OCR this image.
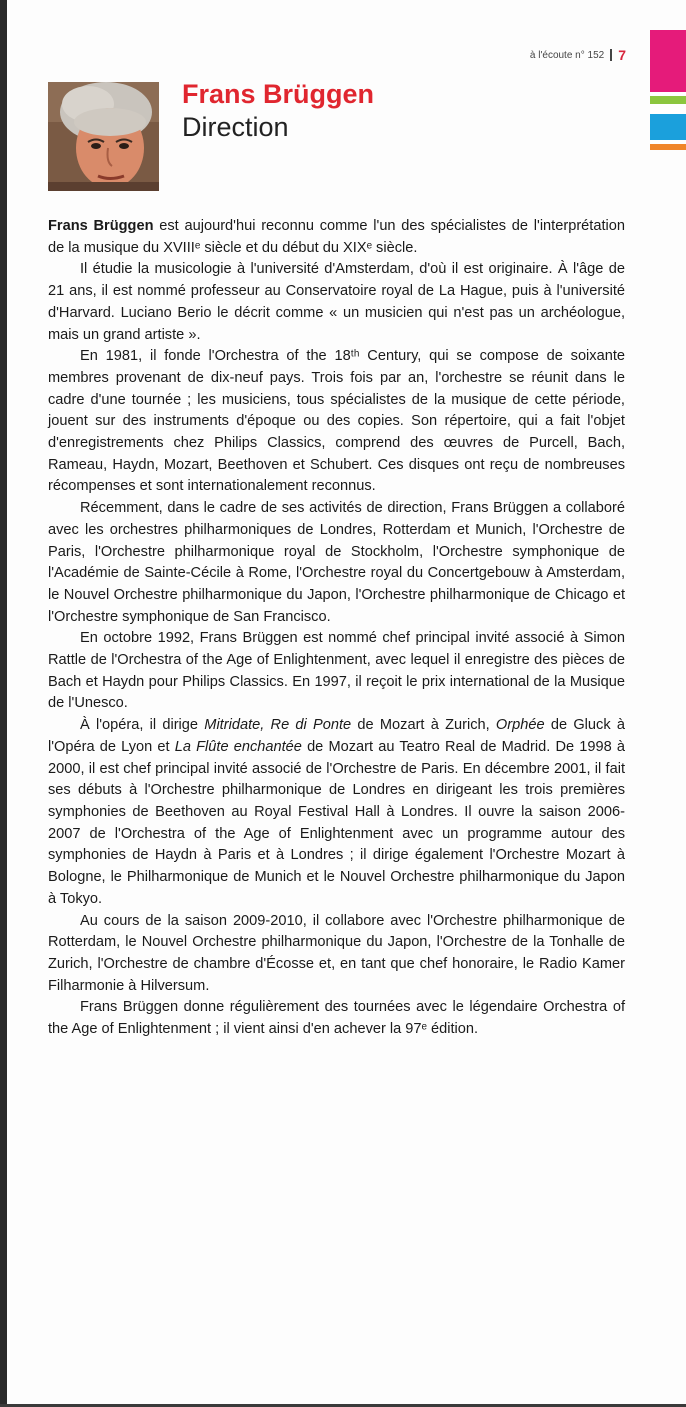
à l'écoute n° 152 7
Frans Brüggen
Direction

Frans Brüggen est aujourd'hui reconnu comme l'un des spécialistes de l'interprétation de la musique du XVIIIᵉ siècle et du début du XIXᵉ siècle.

Il étudie la musicologie à l'université d'Amsterdam, d'où il est originaire. À l'âge de 21 ans, il est nommé professeur au Conservatoire royal de La Hague, puis à l'université d'Harvard. Luciano Berio le décrit comme « un musicien qui n'est pas un archéologue, mais un grand artiste ».

En 1981, il fonde l'Orchestra of the 18ᵗʰ Century, qui se compose de soixante membres provenant de dix-neuf pays. Trois fois par an, l'orchestre se réunit dans le cadre d'une tournée ; les musiciens, tous spécialistes de la musique de cette période, jouent sur des instruments d'époque ou des copies. Son répertoire, qui a fait l'objet d'enregistrements chez Philips Classics, comprend des œuvres de Purcell, Bach, Rameau, Haydn, Mozart, Beethoven et Schubert. Ces disques ont reçu de nombreuses récompenses et sont internationalement reconnus.

Récemment, dans le cadre de ses activités de direction, Frans Brüggen a collaboré avec les orchestres philharmoniques de Londres, Rotterdam et Munich, l'Orchestre de Paris, l'Orchestre philharmonique royal de Stockholm, l'Orchestre symphonique de l'Académie de Sainte-Cécile à Rome, l'Orchestre royal du Concertgebouw à Amsterdam, le Nouvel Orchestre philharmonique du Japon, l'Orchestre philharmonique de Chicago et l'Orchestre symphonique de San Francisco.

En octobre 1992, Frans Brüggen est nommé chef principal invité associé à Simon Rattle de l'Orchestra of the Age of Enlightenment, avec lequel il enregistre des pièces de Bach et Haydn pour Philips Classics. En 1997, il reçoit le prix international de la Musique de l'Unesco.

À l'opéra, il dirige Mitridate, Re di Ponte de Mozart à Zurich, Orphée de Gluck à l'Opéra de Lyon et La Flûte enchantée de Mozart au Teatro Real de Madrid. De 1998 à 2000, il est chef principal invité associé de l'Orchestre de Paris. En décembre 2001, il fait ses débuts à l'Orchestre philharmonique de Londres en dirigeant les trois premières symphonies de Beethoven au Royal Festival Hall à Londres. Il ouvre la saison 2006-2007 de l'Orchestra of the Age of Enlightenment avec un programme autour des symphonies de Haydn à Paris et à Londres ; il dirige également l'Orchestre Mozart à Bologne, le Philharmonique de Munich et le Nouvel Orchestre philharmonique du Japon à Tokyo.

Au cours de la saison 2009-2010, il collabore avec l'Orchestre philharmonique de Rotterdam, le Nouvel Orchestre philharmonique du Japon, l'Orchestre de la Tonhalle de Zurich, l'Orchestre de chambre d'Écosse et, en tant que chef honoraire, le Radio Kamer Filharmonie à Hilversum.

Frans Brüggen donne régulièrement des tournées avec le légendaire Orchestra of the Age of Enlightenment ; il vient ainsi d'en achever la 97ᵉ édition.
